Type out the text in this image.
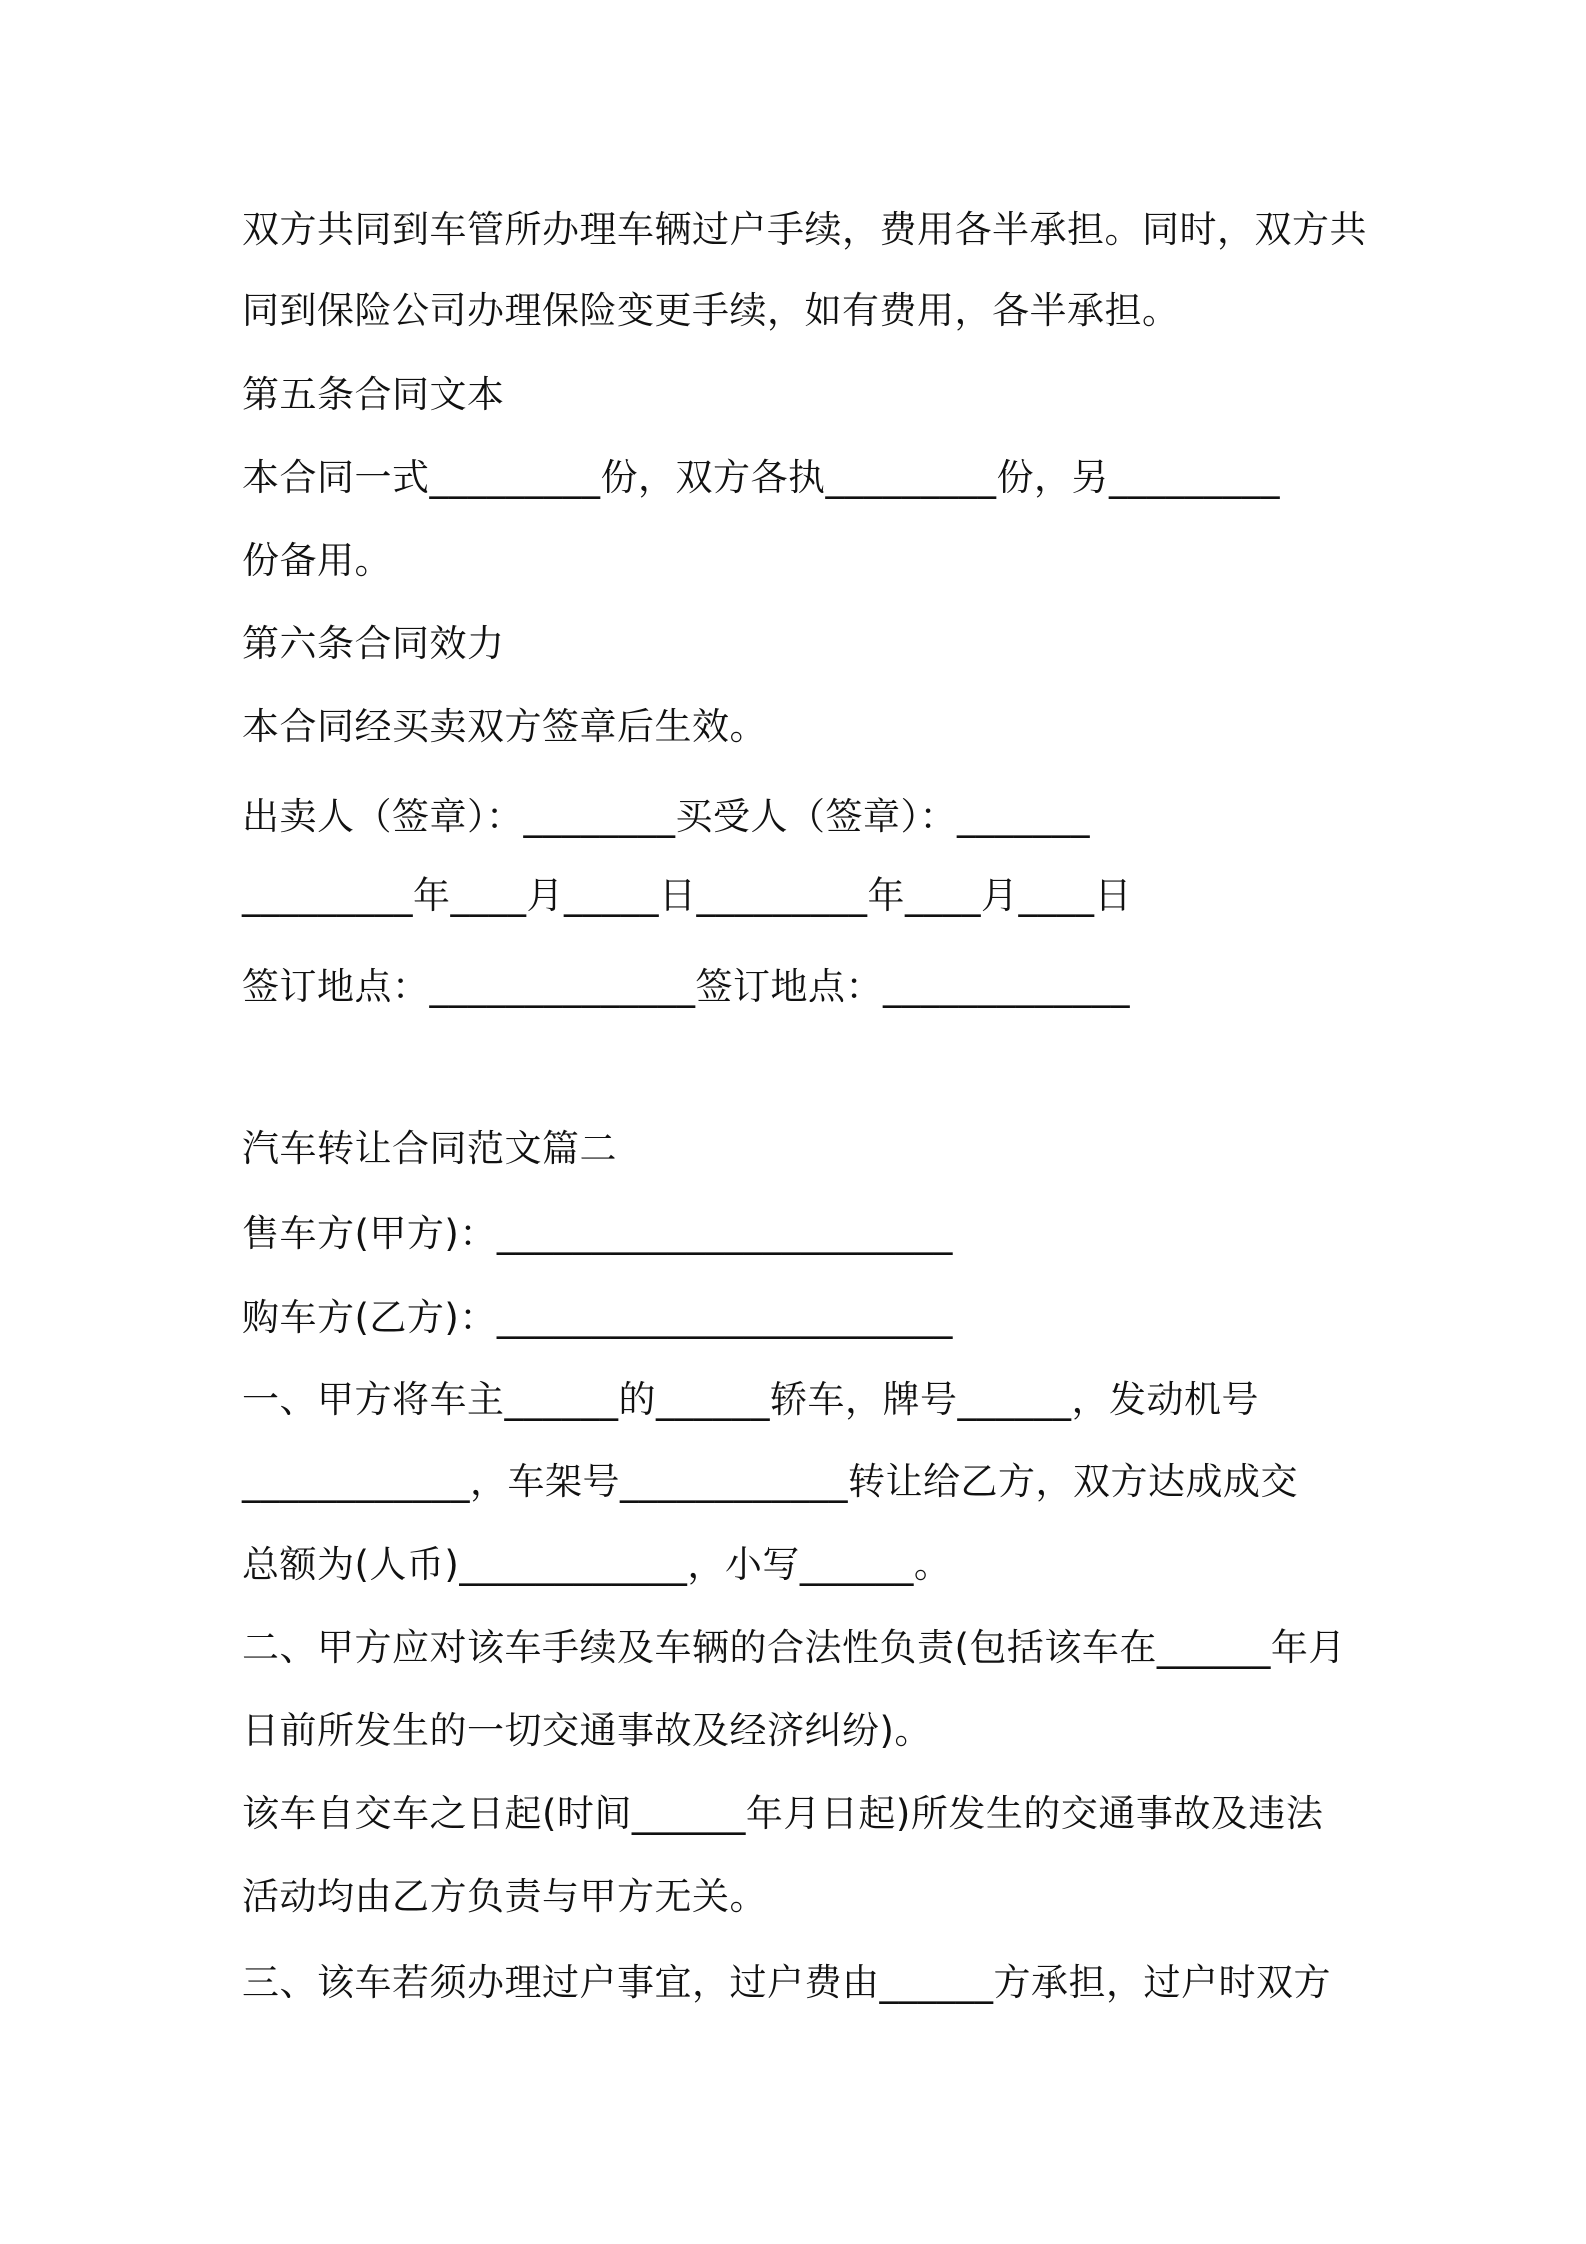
双方共同到车管所办理车辆过户手续，费用各半承担。同时，双方共
同到保险公司办理保险变更手续，如有费用，各半承担。
第五条合同文本
本合同一式_________份，双方各执_________份，另_________
份备用。
第六条合同效力
本合同经买卖双方签章后生效。
出卖人（签章）：________买受人（签章）：_______
_________年____月_____日_________年____月____日
签订地点：______________签订地点：_____________
汽车转让合同范文篇二
售车方(甲方)：________________________
购车方(乙方)：________________________
一、甲方将车主______的______轿车，牌号______，发动机号
____________，车架号____________转让给乙方，双方达成成交
总额为(人币)____________，小写______。
二、甲方应对该车手续及车辆的合法性负责(包括该车在______年月
日前所发生的一切交通事故及经济纠纷)。
该车自交车之日起(时间______年月日起)所发生的交通事故及违法
活动均由乙方负责与甲方无关。
三、该车若须办理过户事宜，过户费由______方承担，过户时双方
